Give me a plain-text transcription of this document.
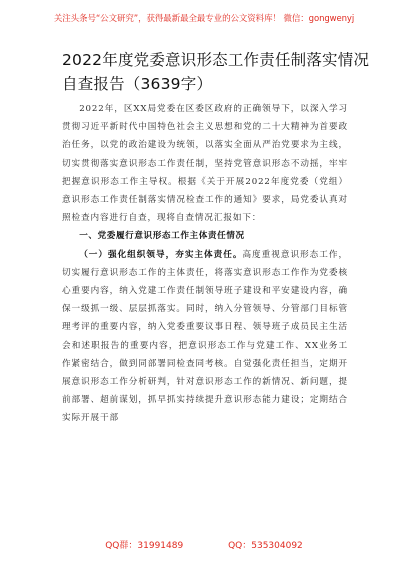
关注头条号“公文研究”，获得最新最全最专业的公文资料库！ 微信：gongwenyj
2022年度党委意识形态工作责任制落实情况自查报告（3639字）

2022年，区XX局党委在区委区政府的正确领导下，以深入学习贯彻习近平新时代中国特色社会主义思想和党的二十大精神为首要政治任务，以党的政治建设为统领，以落实全面从严治党要求为主线，切实贯彻落实意识形态工作责任制，坚持党管意识形态不动摇，牢牢把握意识形态工作主导权。根据《关于开展2022年度党委（党组）意识形态工作责任制落实情况检查工作的通知》要求，局党委认真对照检查内容进行自查，现将自查情况汇报如下：

一、党委履行意识形态工作主体责任情况

（一）强化组织领导，夯实主体责任。高度重视意识形态工作，切实履行意识形态工作的主体责任，将落实意识形态工作作为党委核心重要内容，纳入党建工作责任制领导班子建设和平安建设内容，确保一级抓一级、层层抓落实。同时，纳入分管领导、分管部门目标管理考评的重要内容，纳入党委重要议事日程、领导班子成员民主生活会和述职报告的重要内容，把意识形态工作与党建工作、XX业务工作紧密结合，做到同部署同检查同考核。自觉强化责任担当，定期开展意识形态工作分析研判，针对意识形态工作的新情况、新问题，提前部署、超前谋划，抓早抓实持续提升意识形态能力建设；定期结合实际开展干部

QQ群：31991489	QQ：535304092
